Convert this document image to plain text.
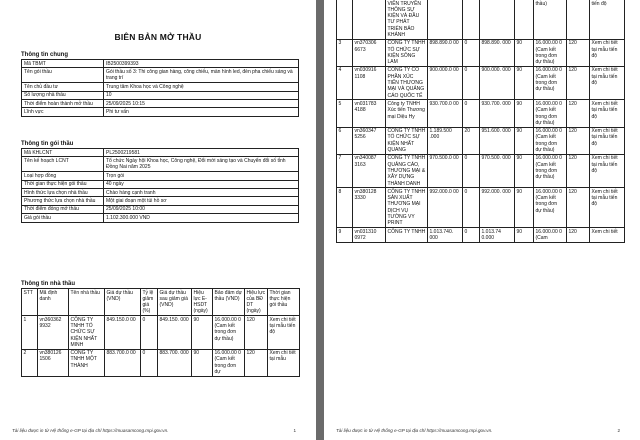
BIÊN BẢN MỞ THẦU
Thông tin chung
Mã TBMT	IB2500399393
Tên gói thầu	Gói thầu số 3: Thi công gian hàng, công chiếu, màn hình led, đèn pha chiếu sáng và trang trí
Tên chủ đầu tư	Trung tâm Khoa học và Công nghệ
Số lượng nhà thầu	10
Thời điểm hoàn thành mở thầu	25/09/2025 10:15
Lĩnh vực	Phi tư vấn
Thông tin gói thầu
Mã KHLCNT	PL2500219581
Tên kế hoạch LCNT	Tổ chức Ngày hội Khoa học, Công nghệ, Đổi mới sáng tạo và Chuyển đổi số tỉnh Đồng Nai năm 2025
Loại hợp đồng	Trọn gói
Thời gian thực hiện gói thầu	40 ngày
Hình thức lựa chọn nhà thầu	Chào hàng cạnh tranh
Phương thức lựa chọn nhà thầu	Một giai đoạn một túi hồ sơ
Thời điểm đóng mở thầu	25/09/2025 10:00
Giá gói thầu	1.102.300.000 VND
Thông tin nhà thầu
STT	Mã định danh	Tên nhà thầu	Giá dự thầu (VND)	Tỷ lệ giảm giá (%)	Giá dự thầu sau giảm giá (VND)	Hiệu lực E-HSDT (ngày)	Bảo đảm dự thầu (VND)	Hiệu lực của BĐ DT (ngày)	Thời gian thực hiện gói thầu
1	vn360362 9932	CÔNG TY TNHH TỔ CHỨC SỰ KIỆN NHẤT MINH	849.150.0 00	0	849.150. 000	90	16.000.00 0 (Cam kết trong đơn dự thầu)	120	Xem chi tiết tại mẫu tiến độ
2	vn380126 1506	CÔNG TY TNHH MỘT THÀNH	883.700.0 00	0	883.700. 000	90	16.000.00 0 (Cam kết trong đơn dự	120	Xem chi tiết tại mẫu
Tài liệu được in từ Hệ thống e-GP tại địa chỉ https://muasamcong.mpi.gov.vn.	1
		VIỄN TRUYỀN THÔNG SỰ KIỆN VÀ ĐẦU TƯ PHÁT TRIỂN BẢO KHÁNH					thầu)		tiến độ
3	vn370306 6673	CÔNG TY TNHH TỔ CHỨC SỰ KIỆN SÔNG LAM	898.890.0 00	0	898.890. 000	90	16.000.00 0 (Cam kết trong đơn dự thầu)	120	Xem chi tiết tại mẫu tiến độ
4	vn030916 1108	CÔNG TY CỔ PHẦN XÚC TIẾN THƯƠNG MẠI VÀ QUẢNG CÁO QUỐC TẾ	900.000.0 00	0	900.000. 000	90	16.000.00 0 (Cam kết trong đơn dự thầu)	120	Xem chi tiết tại mẫu tiến độ
5	vn031783 4188	Công ty TNHH Xúc tiến Thương mại Diệu Hy	930.700.0 00	0	930.700. 000	90	16.000.00 0 (Cam kết trong đơn dự thầu)	120	Xem chi tiết tại mẫu tiến độ
6	vn360347 5256	CÔNG TY TNHH TỔ CHỨC SỰ KIỆN NHẤT QUANG	1.189.500 .000	20	951.600. 000	90	16.000.00 0 (Cam kết trong đơn dự thầu)	120	Xem chi tiết tại mẫu tiến độ
7	vn340087 3163	CÔNG TY TNHH QUẢNG CÁO, THƯƠNG MẠI & XÂY DỰNG THÀNH DANH	970.500.0 00	0	970.500. 000	90	16.000.00 0 (Cam kết trong đơn dự thầu)	120	Xem chi tiết tại mẫu tiến độ
8	vn380128 3330	CÔNG TY TNHH SẢN XUẤT THƯƠNG MẠI DỊCH VỤ TƯỜNG VY PRINT	992.000.0 00	0	992.000. 000	90	16.000.00 0 (Cam kết trong đơn dự thầu)	120	Xem chi tiết tại mẫu tiến độ
9	vn031310 0972	CÔNG TY TNHH	1.013.740. 000	0	1.013.74 0.000	90	16.000.00 0 (Cam	120	Xem chi tiết
Tài liệu được in từ Hệ thống e-GP tại địa chỉ https://muasamcong.mpi.gov.vn.	2
